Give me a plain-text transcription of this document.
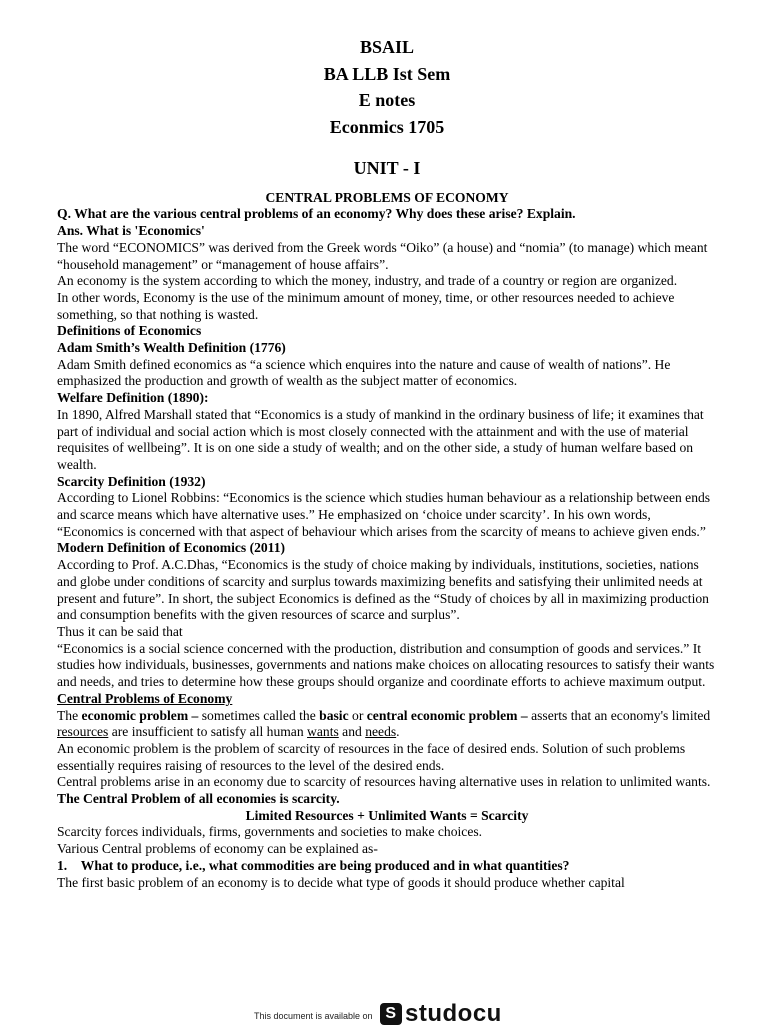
BSAIL
BA LLB Ist Sem
E notes
Econmics 1705
UNIT - I

CENTRAL PROBLEMS OF ECONOMY

Q. What are the various central problems of an economy? Why does these arise? Explain.

Ans. What is 'Economics'

The word “ECONOMICS” was derived from the Greek words “Oiko” (a house) and “nomia” (to manage) which meant “household management” or “management of house affairs”.

An economy is the system according to which the money, industry, and trade of a country or region are organized.

In other words, Economy is the use of the minimum amount of money, time, or other resources needed to achieve something, so that nothing is wasted.

Definitions of Economics

Adam Smith’s Wealth Definition (1776)

Adam Smith defined economics as “a science which enquires into the nature and cause of wealth of nations”. He emphasized the production and growth of wealth as the subject matter of economics.

Welfare Definition (1890):

In 1890, Alfred Marshall stated that “Economics is a study of mankind in the ordinary business of life; it examines that part of individual and social action which is most closely connected with the attainment and with the use of material requisites of wellbeing”. It is on one side a study of wealth; and on the other side, a study of human welfare based on wealth.

Scarcity Definition (1932)

According to Lionel Robbins: “Economics is the science which studies human behaviour as a relationship between ends and scarce means which have alternative uses.” He emphasized on ‘choice under scarcity’. In his own words, “Economics is concerned with that aspect of behaviour which arises from the scarcity of means to achieve given ends.”

Modern Definition of Economics (2011)

According to Prof. A.C.Dhas, “Economics is the study of choice making by individuals, institutions, societies, nations and globe under conditions of scarcity and surplus towards maximizing benefits and satisfying their unlimited needs at present and future”. In short, the subject Economics is defined as the “Study of choices by all in maximizing production and consumption benefits with the given resources of scarce and surplus”.

Thus it can be said that

“Economics is a social science concerned with the production, distribution and consumption of goods and services.” It studies how individuals, businesses, governments and nations make choices on allocating resources to satisfy their wants and needs, and tries to determine how these groups should organize and coordinate efforts to achieve maximum output.

Central Problems of Economy

The economic problem – sometimes called the basic or central economic problem – asserts that an economy's limited resources are insufficient to satisfy all human wants and needs.

An economic problem is the problem of scarcity of resources in the face of desired ends. Solution of such problems essentially requires raising of resources to the level of the desired ends.

Central problems arise in an economy due to scarcity of resources having alternative uses in relation to unlimited wants.

The Central Problem of all economies is scarcity.

Limited Resources + Unlimited Wants = Scarcity

Scarcity forces individuals, firms, governments and societies to make choices.

Various Central problems of economy can be explained as-

1. What to produce, i.e., what commodities are being produced and in what quantities?

The first basic problem of an economy is to decide what type of goods it should produce whether capital

This document is available on S studocu
